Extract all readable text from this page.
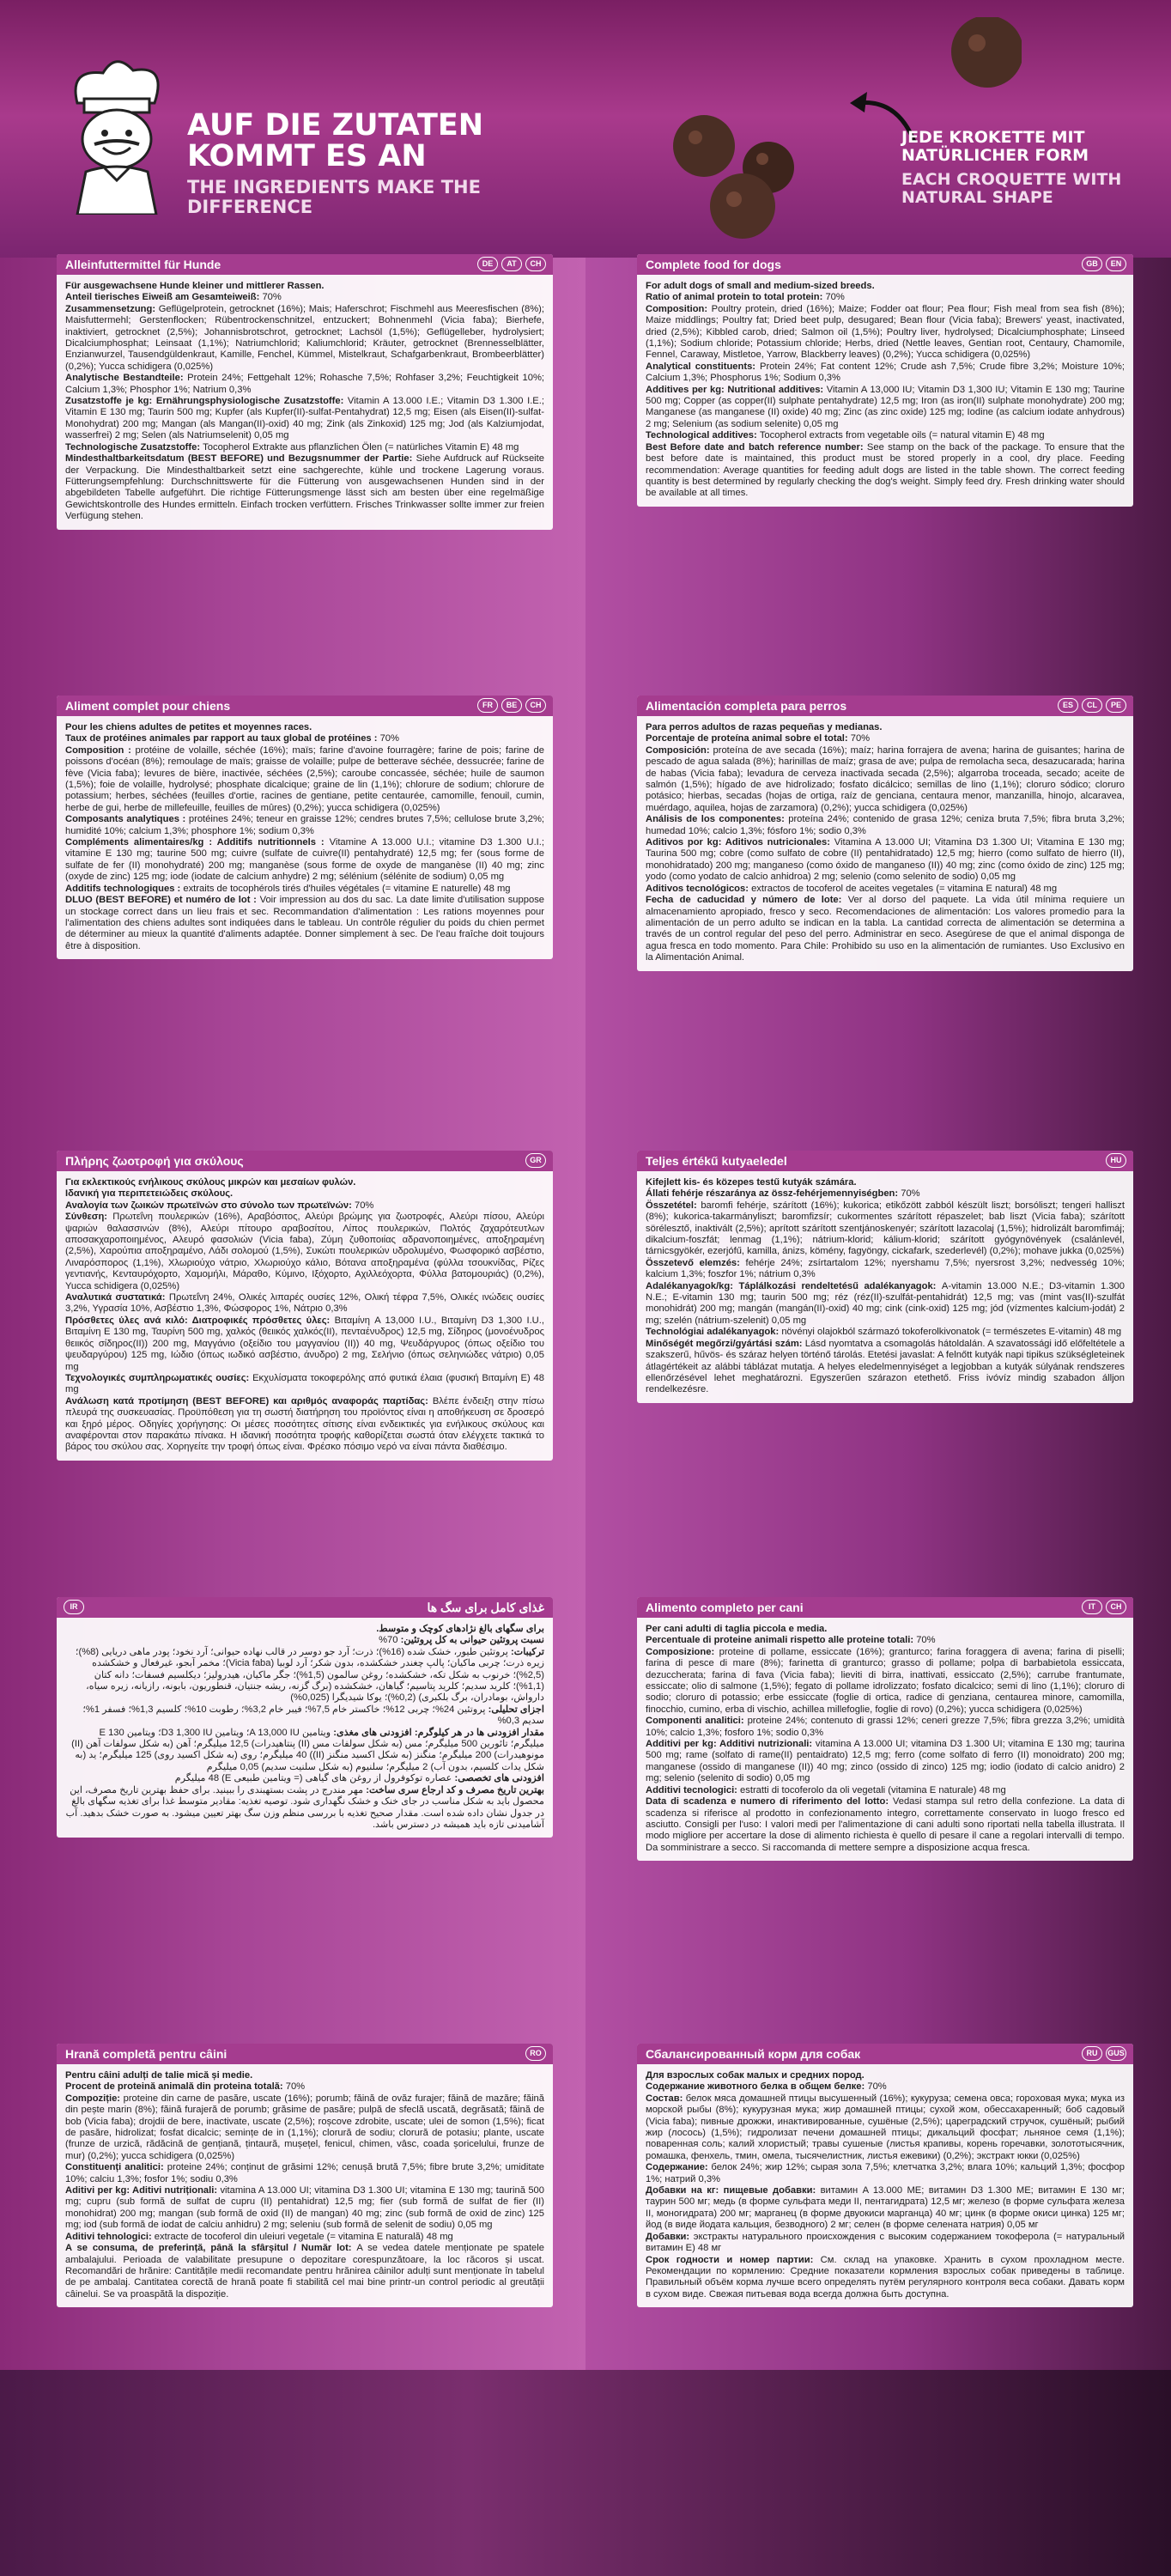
AUF DIE ZUTATEN KOMMT ES AN
THE INGREDIENTS MAKE THE DIFFERENCE
JEDE KROKETTE MIT NATÜRLICHER FORM
EACH CROQUETTE WITH NATURAL SHAPE
Alleinfuttermittel für Hunde	DE	AT	CH

Für ausgewachsene Hunde kleiner und mittlerer Rassen.

Anteil tierisches Eiweiß am Gesamteiweiß: 70%

Zusammensetzung: Geflügelprotein, getrocknet (16%); Mais; Haferschrot; Fischmehl aus Meeresfischen (8%); Maisfuttermehl; Gerstenflocken; Rübentrockenschnitzel, entzuckert; Bohnenmehl (Vicia faba); Bierhefe, inaktiviert, getrocknet (2,5%); Johannisbrotschrot, getrocknet; Lachsöl (1,5%); Geflügelleber, hydrolysiert; Dicalciumphosphat; Leinsaat (1,1%); Natriumchlorid; Kaliumchlorid; Kräuter, getrocknet (Brennesselblätter, Enzianwurzel, Tausendgüldenkraut, Kamille, Fenchel, Kümmel, Mistelkraut, Schafgarbenkraut, Brombeerblätter) (0,2%); Yucca schidigera (0,025%)

Analytische Bestandteile: Protein 24%; Fettgehalt 12%; Rohasche 7,5%; Rohfaser 3,2%; Feuchtigkeit 10%; Calcium 1,3%; Phosphor 1%; Natrium 0,3%

Zusatzstoffe je kg: Ernährungsphysiologische Zusatzstoffe: Vitamin A 13.000 I.E.; Vitamin D3 1.300 I.E.; Vitamin E 130 mg; Taurin 500 mg; Kupfer (als Kupfer(II)-sulfat-Pentahydrat) 12,5 mg; Eisen (als Eisen(II)-sulfat-Monohydrat) 200 mg; Mangan (als Mangan(II)-oxid) 40 mg; Zink (als Zinkoxid) 125 mg; Jod (als Kalziumjodat, wasserfrei) 2 mg; Selen (als Natriumselenit) 0,05 mg

Technologische Zusatzstoffe: Tocopherol Extrakte aus pflanzlichen Ölen (= natürliches Vitamin E) 48 mg

Mindesthaltbarkeitsdatum (BEST BEFORE) und Bezugsnummer der Partie: Siehe Aufdruck auf Rückseite der Verpackung. Die Mindesthaltbarkeit setzt eine sachgerechte, kühle und trockene Lagerung voraus. Fütterungsempfehlung: Durchschnittswerte für die Fütterung von ausgewachsenen Hunden sind in der abgebildeten Tabelle aufgeführt. Die richtige Fütterungsmenge lässt sich am besten über eine regelmäßige Gewichtskontrolle des Hundes ermitteln. Einfach trocken verfüttern. Frisches Trinkwasser sollte immer zur freien Verfügung stehen.

Complete food for dogs	GB	EN

For adult dogs of small and medium-sized breeds.

Ratio of animal protein to total protein: 70%

Composition: Poultry protein, dried (16%); Maize; Fodder oat flour; Pea flour; Fish meal from sea fish (8%); Maize middlings; Poultry fat; Dried beet pulp, desugared; Bean flour (Vicia faba); Brewers' yeast, inactivated, dried (2,5%); Kibbled carob, dried; Salmon oil (1,5%); Poultry liver, hydrolysed; Dicalciumphosphate; Linseed (1,1%); Sodium chloride; Potassium chloride; Herbs, dried (Nettle leaves, Gentian root, Centaury, Chamomile, Fennel, Caraway, Mistletoe, Yarrow, Blackberry leaves) (0,2%); Yucca schidigera (0,025%)

Analytical constituents: Protein 24%; Fat content 12%; Crude ash 7,5%; Crude fibre 3,2%; Moisture 10%; Calcium 1,3%; Phosphorus 1%; Sodium 0,3%

Additives per kg: Nutritional additives: Vitamin A 13,000 IU; Vitamin D3 1,300 IU; Vitamin E 130 mg; Taurine 500 mg; Copper (as copper(II) sulphate pentahydrate) 12,5 mg; Iron (as iron(II) sulphate monohydrate) 200 mg; Manganese (as manganese (II) oxide) 40 mg; Zinc (as zinc oxide) 125 mg; Iodine (as calcium iodate anhydrous) 2 mg; Selenium (as sodium selenite) 0,05 mg

Technological additives: Tocopherol extracts from vegetable oils (= natural vitamin E) 48 mg

Best Before date and batch reference number: See stamp on the back of the package. To ensure that the best before date is maintained, this product must be stored properly in a cool, dry place. Feeding recommendation: Average quantities for feeding adult dogs are listed in the table shown. The correct feeding quantity is best determined by regularly checking the dog's weight. Simply feed dry. Fresh drinking water should be available at all times.

Aliment complet pour chiens	FR	BE	CH

Pour les chiens adultes de petites et moyennes races.

Taux de protéines animales par rapport au taux global de protéines : 70%

Composition : protéine de volaille, séchée (16%); maïs; farine d'avoine fourragère; farine de pois; farine de poissons d'océan (8%); remoulage de maïs; graisse de volaille; pulpe de betterave séchée, dessucrée; farine de fève (Vicia faba); levures de bière, inactivée, séchées (2,5%); caroube concassée, séchée; huile de saumon (1,5%); foie de volaille, hydrolysé; phosphate dicalcique; graine de lin (1,1%); chlorure de sodium; chlorure de potassium; herbes, séchées (feuilles d'ortie, racines de gentiane, petite centaurée, camomille, fenouil, cumin, herbe de gui, herbe de millefeuille, feuilles de mûres) (0,2%); yucca schidigera (0,025%)

Composants analytiques : protéines 24%; teneur en graisse 12%; cendres brutes 7,5%; cellulose brute 3,2%; humidité 10%; calcium 1,3%; phosphore 1%; sodium 0,3%

Compléments alimentaires/kg : Additifs nutritionnels : Vitamine A 13.000 U.I.; vitamine D3 1.300 U.I.; vitamine E 130 mg; taurine 500 mg; cuivre (sulfate de cuivre(II) pentahydraté) 12,5 mg; fer (sous forme de sulfate de fer (II) monohydraté) 200 mg; manganèse (sous forme de oxyde de manganèse (II) 40 mg; zinc (oxyde de zinc) 125 mg; iode (iodate de calcium anhydre) 2 mg; sélénium (sélénite de sodium) 0,05 mg

Additifs technologiques : extraits de tocophérols tirés d'huiles végétales (= vitamine E naturelle) 48 mg

DLUO (BEST BEFORE) et numéro de lot : Voir impression au dos du sac. La date limite d'utilisation suppose un stockage correct dans un lieu frais et sec. Recommandation d'alimentation : Les rations moyennes pour l'alimentation des chiens adultes sont indiquées dans le tableau. Un contrôle régulier du poids du chien permet de déterminer au mieux la quantité d'aliments adaptée. Donner simplement à sec. De l'eau fraîche doit toujours être à disposition.

Alimentación completa para perros	ES	CL	PE

Para perros adultos de razas pequeñas y medianas.

Porcentaje de proteína animal sobre el total: 70%

Composición: proteína de ave secada (16%); maíz; harina forrajera de avena; harina de guisantes; harina de pescado de agua salada (8%); harinillas de maíz; grasa de ave; pulpa de remolacha seca, desazucarada; harina de habas (Vicia faba); levadura de cerveza inactivada secada (2,5%); algarroba troceada, secado; aceite de salmón (1,5%); hígado de ave hidrolizado; fosfato dicálcico; semillas de lino (1,1%); cloruro sódico; cloruro potásico; hierbas, secadas (hojas de ortiga, raíz de genciana, centaura menor, manzanilla, hinojo, alcaravea, muérdago, aquilea, hojas de zarzamora) (0,2%); yucca schidigera (0,025%)

Análisis de los componentes: proteína 24%; contenido de grasa 12%; ceniza bruta 7,5%; fibra bruta 3,2%; humedad 10%; calcio 1,3%; fósforo 1%; sodio 0,3%

Aditivos por kg: Aditivos nutricionales: Vitamina A 13.000 UI; Vitamina D3 1.300 UI; Vitamina E 130 mg; Taurina 500 mg; cobre (como sulfato de cobre (II) pentahidratado) 12,5 mg; hierro (como sulfato de hierro (II), monohidratado) 200 mg; manganeso (como óxido de manganeso (II)) 40 mg; zinc (como óxido de zinc) 125 mg; yodo (como yodato de calcio anhidroa) 2 mg; selenio (como selenito de sodio) 0,05 mg

Aditivos tecnológicos: extractos de tocoferol de aceites vegetales (= vitamina E natural) 48 mg

Fecha de caducidad y número de lote: Ver al dorso del paquete. La vida útil mínima requiere un almacenamiento apropiado, fresco y seco. Recomendaciones de alimentación: Los valores promedio para la alimentación de un perro adulto se indican en la tabla. La cantidad correcta de alimentación se determina a través de un control regular del peso del perro. Administrar en seco. Asegúrese de que el animal disponga de agua fresca en todo momento. Para Chile: Prohibido su uso en la alimentación de rumiantes. Uso Exclusivo en la Alimentación Animal.

Πλήρης ζωοτροφή για σκύλους	GR

Για εκλεκτικούς ενήλικους σκύλους μικρών και μεσαίων φυλών.

Ιδανική για περιπετειώδεις σκύλους.

Αναλογία των ζωικών πρωτεϊνών στο σύνολο των πρωτεϊνών: 70%

Σύνθεση: Πρωτεΐνη πουλερικών (16%), Αραβόσιτος, Αλεύρι βρώμης για ζωοτροφές, Αλεύρι πίσου, Αλεύρι ψαριών θαλασσινών (8%), Αλεύρι πίτουρο αραβοσίτου, Λίπος πουλερικών, Πολτός ζαχαρότευτλων αποσακχαροποιημένος, Αλευρό φασολιών (Vicia faba), Ζύμη ζυθοποιίας αδρανοποιημένες, αποξηραμένη (2,5%), Χαρούπια αποξηραμένο, Λάδι σολομού (1,5%), Συκώτι πουλερικών υδρολυμένο, Φωσφορικό ασβέστιο, Λιναρόσπορος (1,1%), Χλωριούχο νάτριο, Χλωριούχο κάλιο, Βότανα αποξηραμένα (φύλλα τσουκνίδας, Ρίζες γεντιανής, Κενταυρόχορτο, Χαμομήλι, Μάραθο, Κύμινο, Ιξόχορτο, Αχιλλεόχορτα, Φύλλα βατομουριάς) (0,2%), Yucca schidigera (0,025%)

Αναλυτικά συστατικά: Πρωτεΐνη 24%, Ολικές λιπαρές ουσίες 12%, Ολική τέφρα 7,5%, Ολικές ινώδεις ουσίες 3,2%, Υγρασία 10%, Ασβέστιο 1,3%, Φώσφορος 1%, Νάτριο 0,3%

Πρόσθετες ύλες ανά κιλό: Διατροφικές πρόσθετες ύλες: Βιταμίνη A 13,000 I.U., Βιταμίνη D3 1,300 I.U., Βιταμίνη E 130 mg, Ταυρίνη 500 mg, χαλκός (θειικός χαλκός(ΙΙ), πενταένυδρος) 12,5 mg, Σίδηρος (μονοένυδρος θειικός σίδηρος(ΙΙ)) 200 mg, Μαγγάνιο (οξείδιο του μαγγανίου (ΙΙ)) 40 mg, Ψευδάργυρος (όπως οξείδιο του ψευδαργύρου) 125 mg, Ιώδιο (όπως ιωδικό ασβέστιο, άνυδρο) 2 mg, Σελήνιο (όπως σεληνιώδες νάτριο) 0,05 mg

Τεχνολογικές συμπληρωματικές ουσίες: Εκχυλίσματα τοκοφερόλης από φυτικά έλαια (φυσική Βιταμίνη E) 48 mg

Ανάλωση κατά προτίμηση (BEST BEFORE) και αριθμός αναφοράς παρτίδας: Βλέπε ένδειξη στην πίσω πλευρά της συσκευασίας. Προϋπόθεση για τη σωστή διατήρηση του προϊόντος είναι η αποθήκευση σε δροσερό και ξηρό μέρος. Οδηγίες χορήγησης: Οι μέσες ποσότητες σίτισης είναι ενδεικτικές για ενήλικους σκύλους και αναφέρονται στον παρακάτω πίνακα. Η ιδανική ποσότητα τροφής καθορίζεται σωστά όταν ελέγχετε τακτικά το βάρος του σκύλου σας. Χορηγείτε την τροφή όπως είναι. Φρέσκο πόσιμο νερό να είναι πάντα διαθέσιμο.

Teljes értékű kutyaeledel	HU

Kifejlett kis- és közepes testű kutyák számára.

Állati fehérje részaránya az össz-fehérjemennyiségben: 70%

Összetétel: baromfi fehérje, szárított (16%); kukorica; etikőzött zabból készült liszt; borsóliszt; tengeri halliszt (8%); kukorica-takarmányliszt; baromfizsír; cukormentes szárított répaszelet; bab liszt (Vicia faba); szárított sörélesztő, inaktivált (2,5%); aprított szárított szentjánoskenyér; szárított lazacolaj (1,5%); hidrolizált baromfimáj; dikalcium-foszfát; lenmag (1,1%); nátrium-klorid; kálium-klorid; szárított gyógynövények (csalánlevél, tárnicsgyökér, ezerjófű, kamilla, ánizs, kömény, fagyöngy, cickafark, szederlevél) (0,2%); mohave jukka (0,025%)

Összetevő elemzés: fehérje 24%; zsírtartalom 12%; nyershamu 7,5%; nyersrost 3,2%; nedvesség 10%; kalcium 1,3%; foszfor 1%; nátrium 0,3%

Adalékanyagok/kg: Táplálkozási rendeltetésű adalékanyagok: A-vitamin 13.000 N.E.; D3-vitamin 1.300 N.E.; E-vitamin 130 mg; taurin 500 mg; réz (réz(II)-szulfát-pentahidrát) 12,5 mg; vas (mint vas(II)-szulfát monohidrát) 200 mg; mangán (mangán(II)-oxid) 40 mg; cink (cink-oxid) 125 mg; jód (vízmentes kalcium-jodát) 2 mg; szelén (nátrium-szelenit) 0,05 mg

Technológiai adalékanyagok: növényi olajokból származó tokoferolkivonatok (= természetes E-vitamin) 48 mg

Minőségét megőrzi/gyártási szám: Lásd nyomtatva a csomagolás hátoldalán. A szavatossági idő előfeltétele a szakszerű, hűvös- és száraz helyen történő tárolás. Etetési javaslat: A felnőtt kutyák napi tipikus szükségleteinek átlagértékeit az alábbi táblázat mutatja. A helyes eledelmennyiséget a legjobban a kutyák súlyának rendszeres ellenőrzésével lehet meghatározni. Egyszerűen szárazon etethető. Friss ivóvíz mindig szabadon álljon rendelkezésre.

غذای کامل برای سگ ها
IR

برای سگهای بالغ نژادهای کوچک و متوسط.

نسبت پروتئین حیوانی به کل پروتئین: 70%

ترکیبات: پروتئین طیور، خشک شده (16%)؛ ذرت؛ آرد جو دوسر در قالب نهاده حیوانی؛ آرد نخود؛ پودر ماهی دریایی (8%)؛ زیره ذرت؛ چربی ماکیان؛ پالپ چغندر خشکشده، بدون شکر؛ آرد لوبیا (Vicia faba)؛ مخمر آبجو، غیرفعال و خشکشده (2,5%)؛ خرنوب به شکل تکه، خشکشده؛ روغن سالمون (1,5%)؛ جگر ماکیان، هیدرولیز؛ دیکلسیم فسفات؛ دانه کتان (1,1%)؛ کلرید سدیم؛ کلرید پتاسیم؛ گیاهان، خشکشده (برگ گزنه، ریشه جنتیان، قنطوریون، بابونه، رازیانه، زیره سیاه، دارواش، بومادران، برگ بلکبری) (0,2%)؛ یوکا شیدیگرا (0,025%)

اجزای تحلیلی: پروتئین 24%؛ چربی 12%؛ خاکستر خام 7,5%؛ فیبر خام 3,2%؛ رطوبت 10%؛ کلسیم 1,3%؛ فسفر 1%؛ سدیم 0,3%

مقدار افزودنی ها در هر کیلوگرم: افزودنی های مغذی: ویتامین A 13,000 IU؛ ویتامین D3 1,300 IU؛ ویتامین E 130 میلیگرم؛ تائورین 500 میلیگرم؛ مس (به شکل سولفات مس (II) پنتاهیدرات) 12,5 میلیگرم؛ آهن (به شکل سولفات آهن (II) مونوهیدرات) 200 میلیگرم؛ منگنز (به شکل اکسید منگنز (II)) 40 میلیگرم؛ روی (به شکل اکسید روی) 125 میلیگرم؛ ید (به شکل یدات کلسیم، بدون آب) 2 میلیگرم؛ سلنیوم (به شکل سلنیت سدیم) 0,05 میلیگرم

افزودنی های تخصصی: عصاره توکوفرول از روغن های گیاهی (= ویتامین طبیعی E) 48 میلیگرم

بهترین تاریخ مصرف و کد ارجاع سری ساخت: مهر مندرج در پشت بستهبندی را ببینید. برای حفظ بهترین تاریخ مصرف، این محصول باید به شکل مناسب در جای خنک و خشک نگهداری شود. توصیه تغذیه: مقادیر متوسط غذا برای تغذیه سگهای بالغ در جدول نشان داده شده است. مقدار صحیح تغذیه با بررسی منظم وزن سگ بهتر تعیین میشود. به صورت خشک بدهید. آب آشامیدنی تازه باید همیشه در دسترس باشد.

Alimento completo per cani	IT	CH

Per cani adulti di taglia piccola e media.

Percentuale di proteine animali rispetto alle proteine totali: 70%

Composizione: proteine di pollame, essiccate (16%); granturco; farina foraggera di avena; farina di piselli; farina di pesce di mare (8%); farinetta di granturco; grasso di pollame; polpa di barbabietola essiccata, dezuccherata; farina di fava (Vicia faba); lieviti di birra, inattivati, essiccato (2,5%); carrube frantumate, essiccate; olio di salmone (1,5%); fegato di pollame idrolizzato; fosfato dicalcico; semi di lino (1,1%); cloruro di sodio; cloruro di potassio; erbe essiccate (foglie di ortica, radice di genziana, centaurea minore, camomilla, finocchio, cumino, erba di vischio, achillea millefoglie, foglie di rovo) (0,2%); yucca schidigera (0,025%)

Componenti analitici: proteine 24%; contenuto di grassi 12%; ceneri grezze 7,5%; fibra grezza 3,2%; umidità 10%; calcio 1,3%; fosforo 1%; sodio 0,3%

Additivi per kg: Additivi nutrizionali: vitamina A 13.000 UI; vitamina D3 1.300 UI; vitamina E 130 mg; taurina 500 mg; rame (solfato di rame(II) pentaidrato) 12,5 mg; ferro (come solfato di ferro (II) monoidrato) 200 mg; manganese (ossido di manganese (II)) 40 mg; zinco (ossido di zinco) 125 mg; iodio (iodato di calcio anidro) 2 mg; selenio (selenito di sodio) 0,05 mg

Additivi tecnologici: estratti di tocoferolo da oli vegetali (vitamina E naturale) 48 mg

Data di scadenza e numero di riferimento del lotto: Vedasi stampa sul retro della confezione. La data di scadenza si riferisce al prodotto in confezionamento integro, correttamente conservato in luogo fresco ed asciutto. Consigli per l'uso: I valori medi per l'alimentazione di cani adulti sono riportati nella tabella illustrata. Il modo migliore per accertare la dose di alimento richiesta è quello di pesare il cane a regolari intervalli di tempo. Da somministrare a secco. Si raccomanda di mettere sempre a disposizione acqua fresca.

Hrană completă pentru câini	RO

Pentru câini adulți de talie mică și medie.

Procent de proteină animală din proteina totală: 70%

Compoziție: proteine din carne de pasăre, uscate (16%); porumb; făină de ovăz furajer; făină de mazăre; făină din pește marin (8%); făină furajeră de porumb; grăsime de pasăre; pulpă de sfeclă uscată, degrăsată; făină de bob (Vicia faba); drojdii de bere, inactivate, uscate (2,5%); roșcove zdrobite, uscate; ulei de somon (1,5%); ficat de pasăre, hidrolizat; fosfat dicalcic; semințe de in (1,1%); clorură de sodiu; clorură de potasiu; plante, uscate (frunze de urzică, rădăcină de gențiană, țintaură, mușețel, fenicul, chimen, vâsc, coada șoricelului, frunze de mur) (0,2%); yucca schidigera (0,025%)

Constituenți analitici: proteine 24%; conținut de grăsimi 12%; cenușă brută 7,5%; fibre brute 3,2%; umiditate 10%; calciu 1,3%; fosfor 1%; sodiu 0,3%

Aditivi per kg: Aditivi nutriționali: vitamina A 13.000 UI; vitamina D3 1.300 UI; vitamina E 130 mg; taurină 500 mg; cupru (sub formă de sulfat de cupru (II) pentahidrat) 12,5 mg; fier (sub formă de sulfat de fier (II) monohidrat) 200 mg; mangan (sub formă de oxid (II) de mangan) 40 mg; zinc (sub formă de oxid de zinc) 125 mg; iod (sub formă de iodat de calciu anhidru) 2 mg; seleniu (sub formă de selenit de sodiu) 0,05 mg

Aditivi tehnologici: extracte de tocoferol din uleiuri vegetale (= vitamina E naturală) 48 mg

A se consuma, de preferință, până la sfârșitul / Număr lot: A se vedea datele menționate pe spatele ambalajului. Perioada de valabilitate presupune o depozitare corespunzătoare, la loc răcoros și uscat. Recomandări de hrănire: Cantitățile medii recomandate pentru hrănirea câinilor adulți sunt menționate în tabelul de pe ambalaj. Cantitatea corectă de hrană poate fi stabilită cel mai bine printr-un control periodic al greutății câinelui. Se va proaspătă la dispoziție.

Сбалансированный корм для собак	RU	GUS

Для взрослых собак малых и средних пород.

Содержание животного белка в общем белке: 70%

Состав: белок мяса домашней птицы высушенный (16%); кукуруза; семена овса; гороховая мука; мука из морской рыбы (8%); кукурузная мука; жир домашней птицы; сухой жом, обессахаренный; боб садовый (Vicia faba); пивные дрожжи, инактивированные, сушёные (2,5%); цареградский стручок, сушёный; рыбий жир (лосось) (1,5%); гидролизат печени домашней птицы; дикальций фосфат; льняное семя (1,1%); поваренная соль; калий хлористый; травы сушеные (листья крапивы, корень горечавки, золототысячник, ромашка, фенхель, тмин, омела, тысячелистник, листья ежевики) (0,2%); экстракт юкки (0,025%)

Содержание: белок 24%; жир 12%; сырая зола 7,5%; клетчатка 3,2%; влага 10%; кальций 1,3%; фосфор 1%; натрий 0,3%

Добавки на кг: пищевые добавки: витамин A 13.000 МЕ; витамин D3 1.300 МЕ; витамин E 130 мг; таурин 500 мг; медь (в форме сульфата меди II, пентагидрата) 12,5 мг; железо (в форме сульфата железа II, моногидрата) 200 мг; марганец (в форме двуокиси марганца) 40 мг; цинк (в форме окиси цинка) 125 мг; йод (в виде йодата кальция, безводного) 2 мг; селен (в форме селената натрия) 0,05 мг

Добавки: экстракты натурального происхождения с высоким содержанием токоферола (= натуральный витамин E) 48 мг

Срок годности и номер партии: См. склад на упаковке. Хранить в сухом прохладном месте. Рекомендации по кормлению: Средние показатели кормления взрослых собак приведены в таблице. Правильный объём корма лучше всего определять путём регулярного контроля веса собаки. Давать корм в сухом виде. Свежая питьевая вода всегда должна быть доступна.
